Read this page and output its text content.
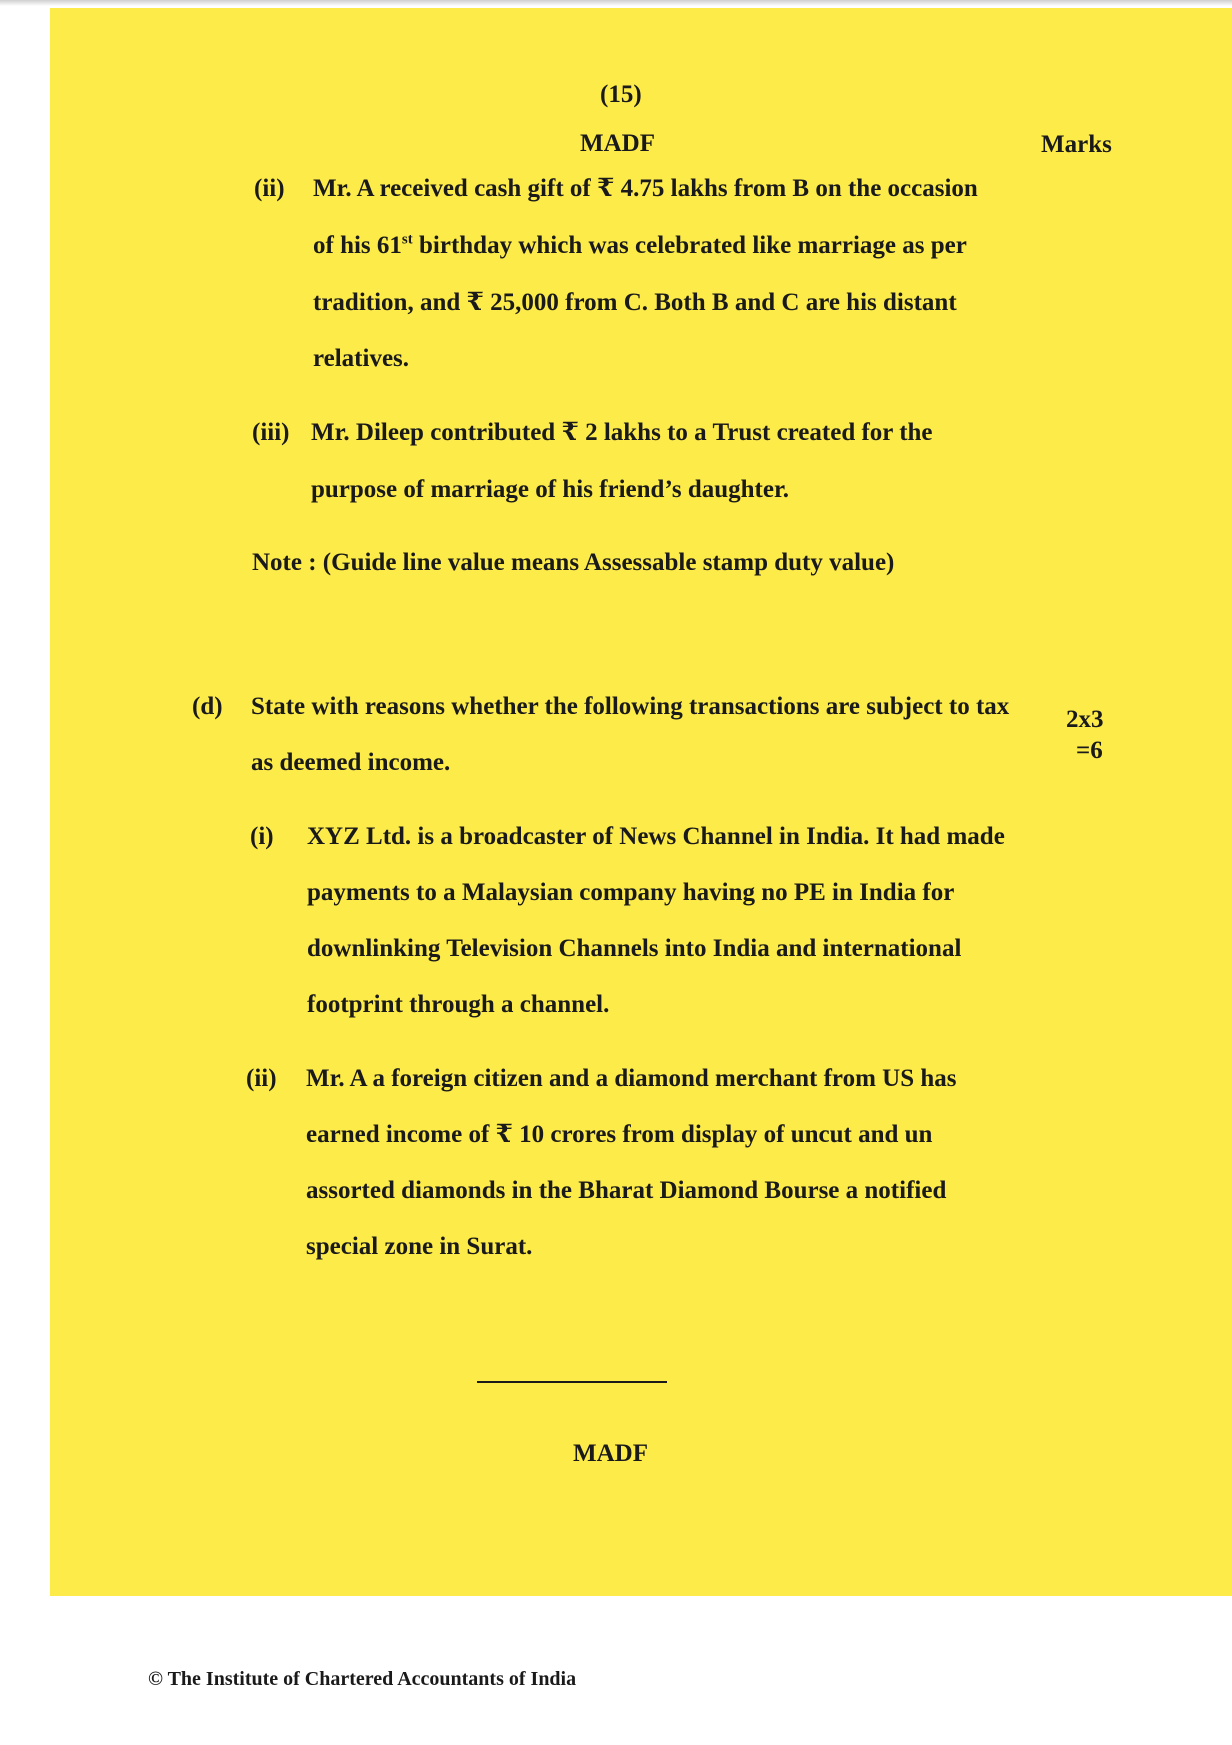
(15)
MADF	Marks
(ii) Mr. A received cash gift of ₹ 4.75 lakhs from B on the occasion
of his 61st birthday which was celebrated like marriage as per
tradition, and ₹ 25,000 from C. Both B and C are his distant
relatives.
(iii) Mr. Dileep contributed ₹ 2 lakhs to a Trust created for the
purpose of marriage of his friend’s daughter.
Note : (Guide line value means Assessable stamp duty value)
(d) State with reasons whether the following transactions are subject to tax
as deemed income.
2x3
=6
(i) XYZ Ltd. is a broadcaster of News Channel in India. It had made
payments to a Malaysian company having no PE in India for
downlinking Television Channels into India and international
footprint through a channel.
(ii) Mr. A a foreign citizen and a diamond merchant from US has
earned income of ₹ 10 crores from display of uncut and un
assorted diamonds in the Bharat Diamond Bourse a notified
special zone in Surat.
MADF
© The Institute of Chartered Accountants of India
